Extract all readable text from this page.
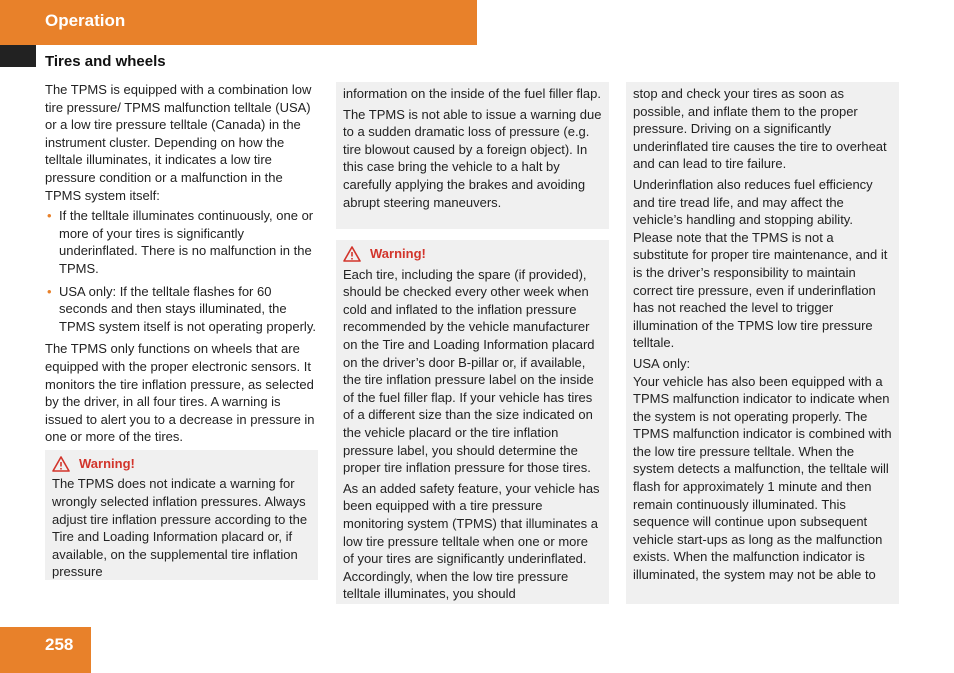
Operation
Tires and wheels

The TPMS is equipped with a combination low tire pressure/ TPMS malfunction telltale (USA) or a low tire pressure telltale (Canada) in the instrument cluster. Depending on how the telltale illuminates, it indicates a low tire pressure condition or a malfunction in the TPMS system itself:

• If the telltale illuminates continuously, one or more of your tires is significantly underinflated. There is no malfunction in the TPMS.
• USA only: If the telltale flashes for 60 seconds and then stays illuminated, the TPMS system itself is not operating properly.

The TPMS only functions on wheels that are equipped with the proper electronic sensors. It monitors the tire inflation pressure, as selected by the driver, in all four tires. A warning is issued to alert you to a decrease in pressure in one or more of the tires.

Warning!
The TPMS does not indicate a warning for wrongly selected inflation pressures. Always adjust tire inflation pressure according to the Tire and Loading Information placard or, if available, on the supplemental tire inflation pressure

information on the inside of the fuel filler flap.

The TPMS is not able to issue a warning due to a sudden dramatic loss of pressure (e.g. tire blowout caused by a foreign object). In this case bring the vehicle to a halt by carefully applying the brakes and avoiding abrupt steering maneuvers.

Warning!

Each tire, including the spare (if provided), should be checked every other week when cold and inflated to the inflation pressure recommended by the vehicle manufacturer on the Tire and Loading Information placard on the driver’s door B-pillar or, if available, the tire inflation pressure label on the inside of the fuel filler flap. If your vehicle has tires of a different size than the size indicated on the vehicle placard or the tire inflation pressure label, you should determine the proper tire inflation pressure for those tires.

As an added safety feature, your vehicle has been equipped with a tire pressure monitoring system (TPMS) that illuminates a low tire pressure telltale when one or more of your tires are significantly underinflated. Accordingly, when the low tire pressure telltale illuminates, you should

stop and check your tires as soon as possible, and inflate them to the proper pressure. Driving on a significantly underinflated tire causes the tire to overheat and can lead to tire failure.

Underinflation also reduces fuel efficiency and tire tread life, and may affect the vehicle’s handling and stopping ability. Please note that the TPMS is not a substitute for proper tire maintenance, and it is the driver’s responsibility to maintain correct tire pressure, even if underinflation has not reached the level to trigger illumination of the TPMS low tire pressure telltale.

USA only:

Your vehicle has also been equipped with a TPMS malfunction indicator to indicate when the system is not operating properly. The TPMS malfunction indicator is combined with the low tire pressure telltale. When the system detects a malfunction, the telltale will flash for approximately 1 minute and then remain continuously illuminated. This sequence will continue upon subsequent vehicle start-ups as long as the malfunction exists. When the malfunction indicator is illuminated, the system may not be able to

258
